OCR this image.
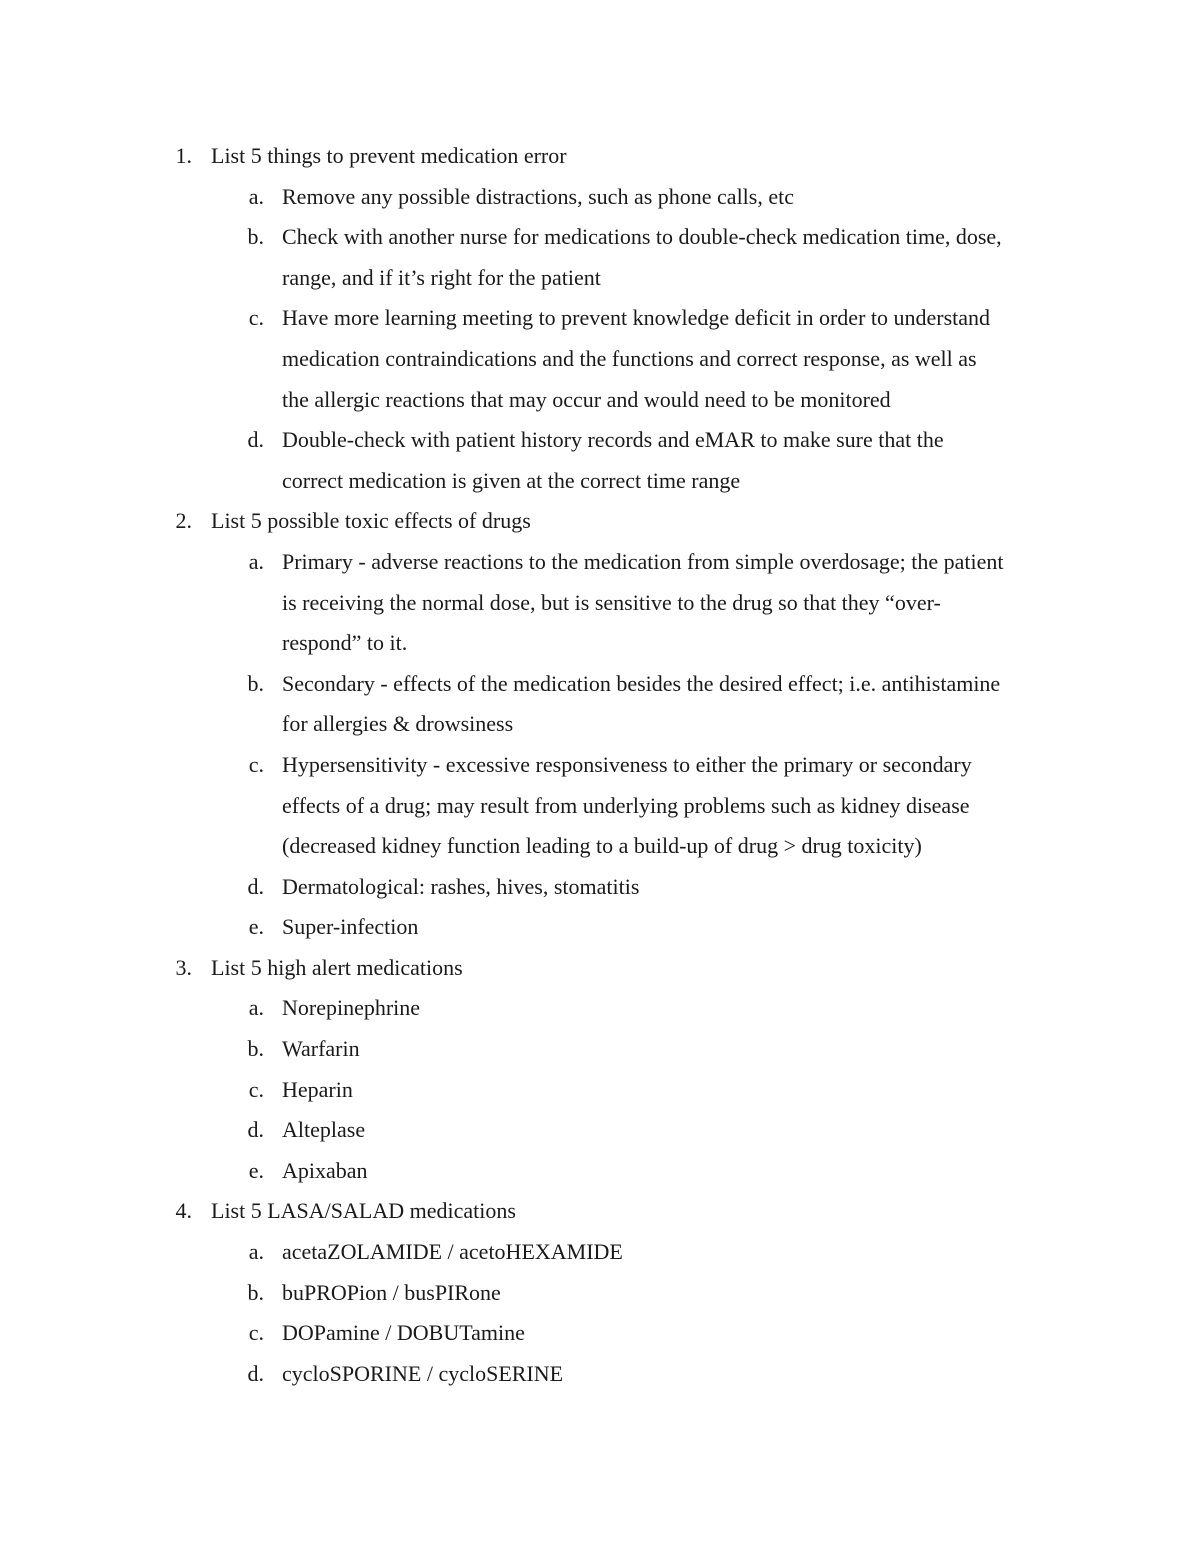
1. List 5 things to prevent medication error
a. Remove any possible distractions, such as phone calls, etc
b. Check with another nurse for medications to double-check medication time, dose,
range, and if it’s right for the patient
c. Have more learning meeting to prevent knowledge deficit in order to understand
medication contraindications and the functions and correct response, as well as
the allergic reactions that may occur and would need to be monitored
d. Double-check with patient history records and eMAR to make sure that the
correct medication is given at the correct time range
2. List 5 possible toxic effects of drugs
a. Primary - adverse reactions to the medication from simple overdosage; the patient
is receiving the normal dose, but is sensitive to the drug so that they “over-
respond” to it.
b. Secondary - effects of the medication besides the desired effect; i.e. antihistamine
for allergies & drowsiness
c. Hypersensitivity - excessive responsiveness to either the primary or secondary
effects of a drug; may result from underlying problems such as kidney disease
(decreased kidney function leading to a build-up of drug > drug toxicity)
d. Dermatological: rashes, hives, stomatitis
e. Super-infection
3. List 5 high alert medications
a. Norepinephrine
b. Warfarin
c. Heparin
d. Alteplase
e. Apixaban
4. List 5 LASA/SALAD medications
a. acetaZOLAMIDE / acetoHEXAMIDE
b. buPROPion / busPIRone
c. DOPamine / DOBUTamine
d. cycloSPORINE / cycloSERINE
